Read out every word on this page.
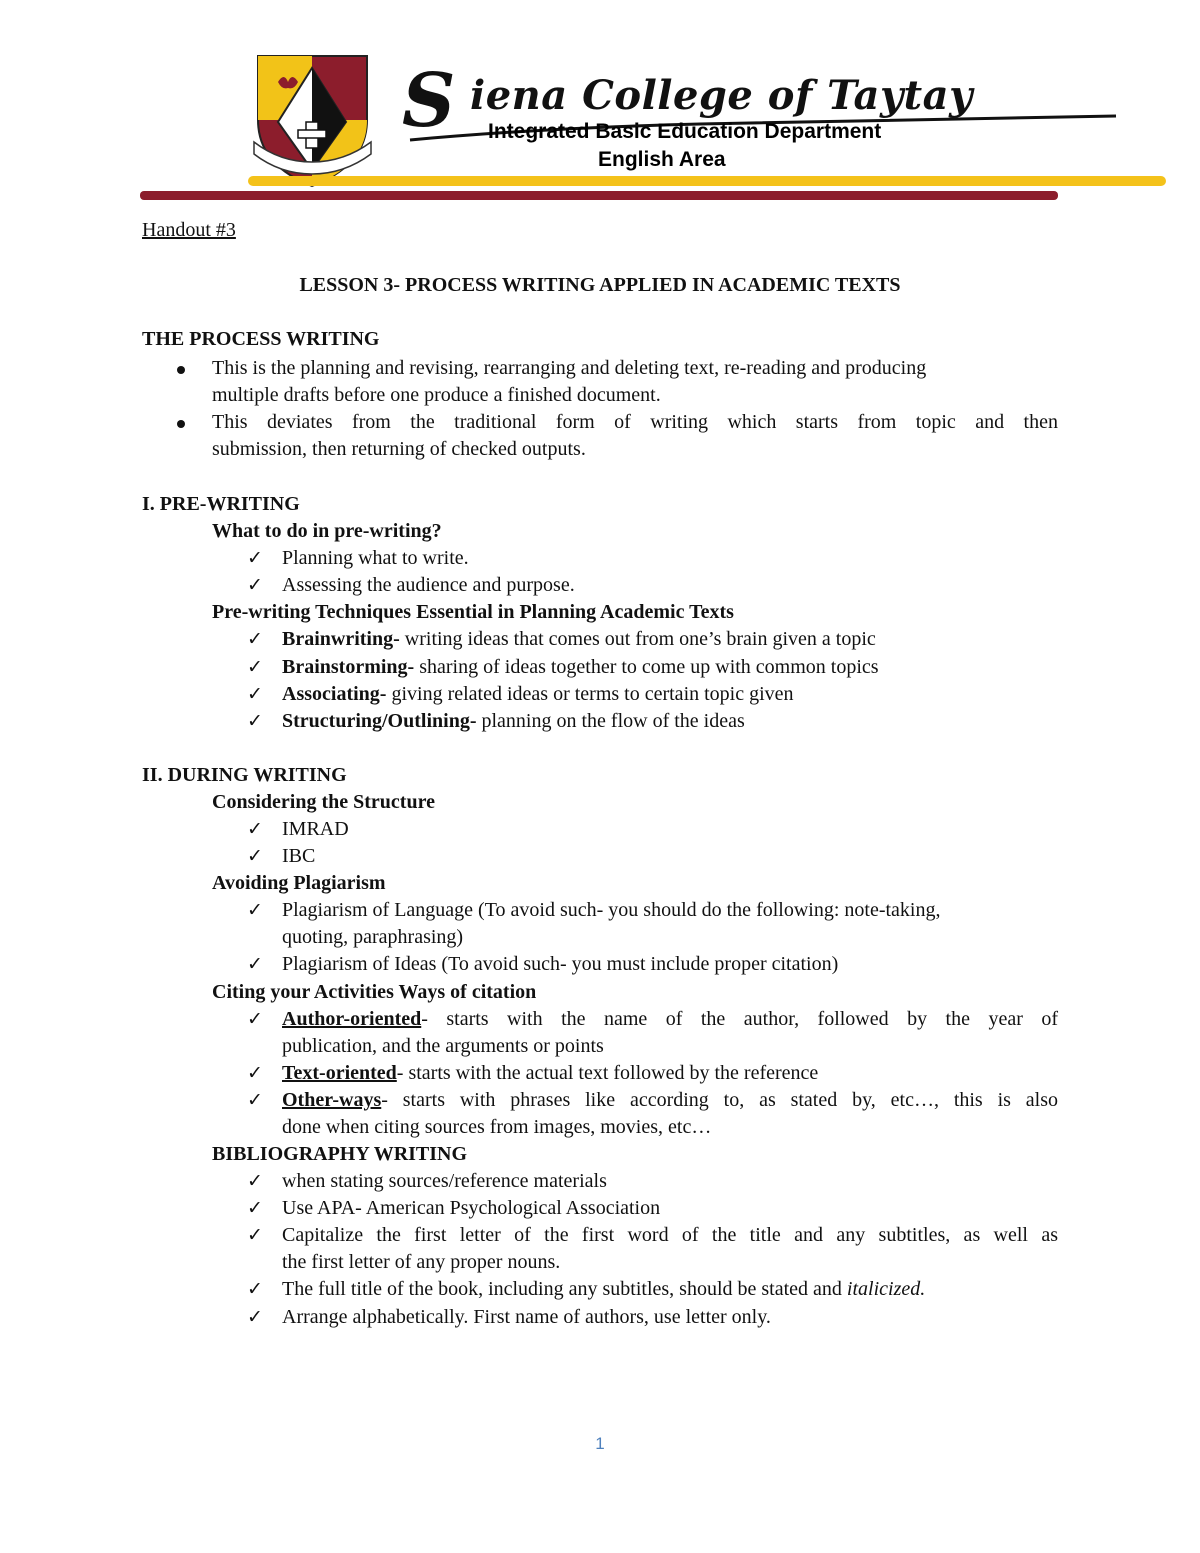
S iena College of Taytay
Integrated Basic Education Department
English Area
Handout #3
LESSON 3- PROCESS WRITING APPLIED IN ACADEMIC TEXTS
THE PROCESS WRITING
This is the planning and revising, rearranging and deleting text, re-reading and producing
multiple drafts before one produce a finished document.
This deviates from the traditional form of writing which starts from topic and then
submission, then returning of checked outputs.
I. PRE-WRITING
What to do in pre-writing?
✓ Planning what to write.
✓ Assessing the audience and purpose.
Pre-writing Techniques Essential in Planning Academic Texts
✓ Brainwriting- writing ideas that comes out from one’s brain given a topic
✓ Brainstorming- sharing of ideas together to come up with common topics
✓ Associating- giving related ideas or terms to certain topic given
✓ Structuring/Outlining- planning on the flow of the ideas
II. DURING WRITING
Considering the Structure
✓ IMRAD
✓ IBC
Avoiding Plagiarism
✓ Plagiarism of Language (To avoid such- you should do the following: note-taking,
quoting, paraphrasing)
✓ Plagiarism of Ideas (To avoid such- you must include proper citation)
Citing your Activities Ways of citation
✓ Author-oriented- starts with the name of the author, followed by the year of
publication, and the arguments or points
✓ Text-oriented- starts with the actual text followed by the reference
✓ Other-ways- starts with phrases like according to, as stated by, etc…, this is also
done when citing sources from images, movies, etc…
BIBLIOGRAPHY WRITING
✓ when stating sources/reference materials
✓ Use APA- American Psychological Association
✓ Capitalize the first letter of the first word of the title and any subtitles, as well as
the first letter of any proper nouns.
✓ The full title of the book, including any subtitles, should be stated and italicized.
✓ Arrange alphabetically. First name of authors, use letter only.
1
